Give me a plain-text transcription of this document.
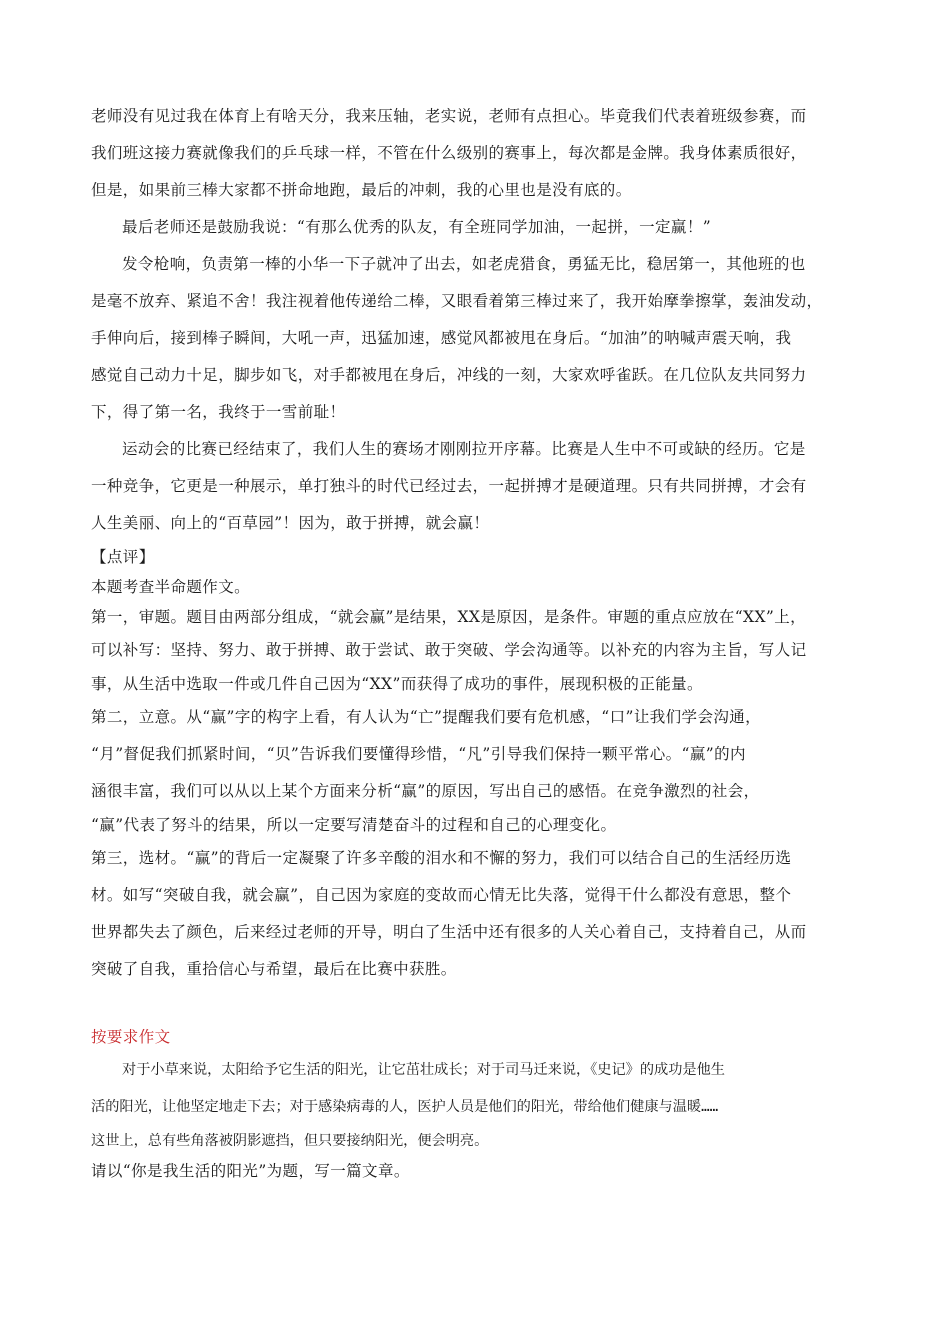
老师没有见过我在体育上有啥天分，我来压轴，老实说，老师有点担心。毕竟我们代表着班级参赛，而
我们班这接力赛就像我们的乒乓球一样，不管在什么级别的赛事上，每次都是金牌。我身体素质很好，
但是，如果前三棒大家都不拼命地跑，最后的冲刺，我的心里也是没有底的。
最后老师还是鼓励我说：“有那么优秀的队友，有全班同学加油，一起拼，一定赢！”
发令枪响，负责第一棒的小华一下子就冲了出去，如老虎猎食，勇猛无比，稳居第一，其他班的也
是毫不放弃、紧追不舍！我注视着他传递给二棒，又眼看着第三棒过来了，我开始摩拳擦掌，轰油发动，
手伸向后，接到棒子瞬间，大吼一声，迅猛加速，感觉风都被甩在身后。“加油”的呐喊声震天响，我
感觉自己动力十足，脚步如飞，对手都被甩在身后，冲线的一刻，大家欢呼雀跃。在几位队友共同努力
下，得了第一名，我终于一雪前耻！
运动会的比赛已经结束了，我们人生的赛场才刚刚拉开序幕。比赛是人生中不可或缺的经历。它是
一种竞争，它更是一种展示，单打独斗的时代已经过去，一起拼搏才是硬道理。只有共同拼搏，才会有
人生美丽、向上的“百草园”！因为，敢于拼搏，就会赢！
【点评】
本题考查半命题作文。
第一，审题。题目由两部分组成，“就会赢”是结果，XX是原因，是条件。审题的重点应放在“XX”上，
可以补写：坚持、努力、敢于拼搏、敢于尝试、敢于突破、学会沟通等。以补充的内容为主旨，写人记
事，从生活中选取一件或几件自己因为“XX”而获得了成功的事件，展现积极的正能量。
第二，立意。从“赢”字的构字上看，有人认为“亡”提醒我们要有危机感，“口”让我们学会沟通，
“月”督促我们抓紧时间，“贝”告诉我们要懂得珍惜，“凡”引导我们保持一颗平常心。“赢”的内
涵很丰富，我们可以从以上某个方面来分析“赢”的原因，写出自己的感悟。在竞争激烈的社会，
“赢”代表了努斗的结果，所以一定要写清楚奋斗的过程和自己的心理变化。
第三，选材。“赢”的背后一定凝聚了许多辛酸的泪水和不懈的努力，我们可以结合自己的生活经历选
材。如写“突破自我，就会赢”，自己因为家庭的变故而心情无比失落，觉得干什么都没有意思，整个
世界都失去了颜色，后来经过老师的开导，明白了生活中还有很多的人关心着自己，支持着自己，从而
突破了自我，重拾信心与希望，最后在比赛中获胜。
按要求作文
对于小草来说，太阳给予它生活的阳光，让它茁壮成长；对于司马迁来说，《史记》的成功是他生
活的阳光，让他坚定地走下去；对于感染病毒的人，医护人员是他们的阳光，带给他们健康与温暖……
这世上，总有些角落被阴影遮挡，但只要接纳阳光，便会明亮。
请以“你是我生活的阳光”为题，写一篇文章。
